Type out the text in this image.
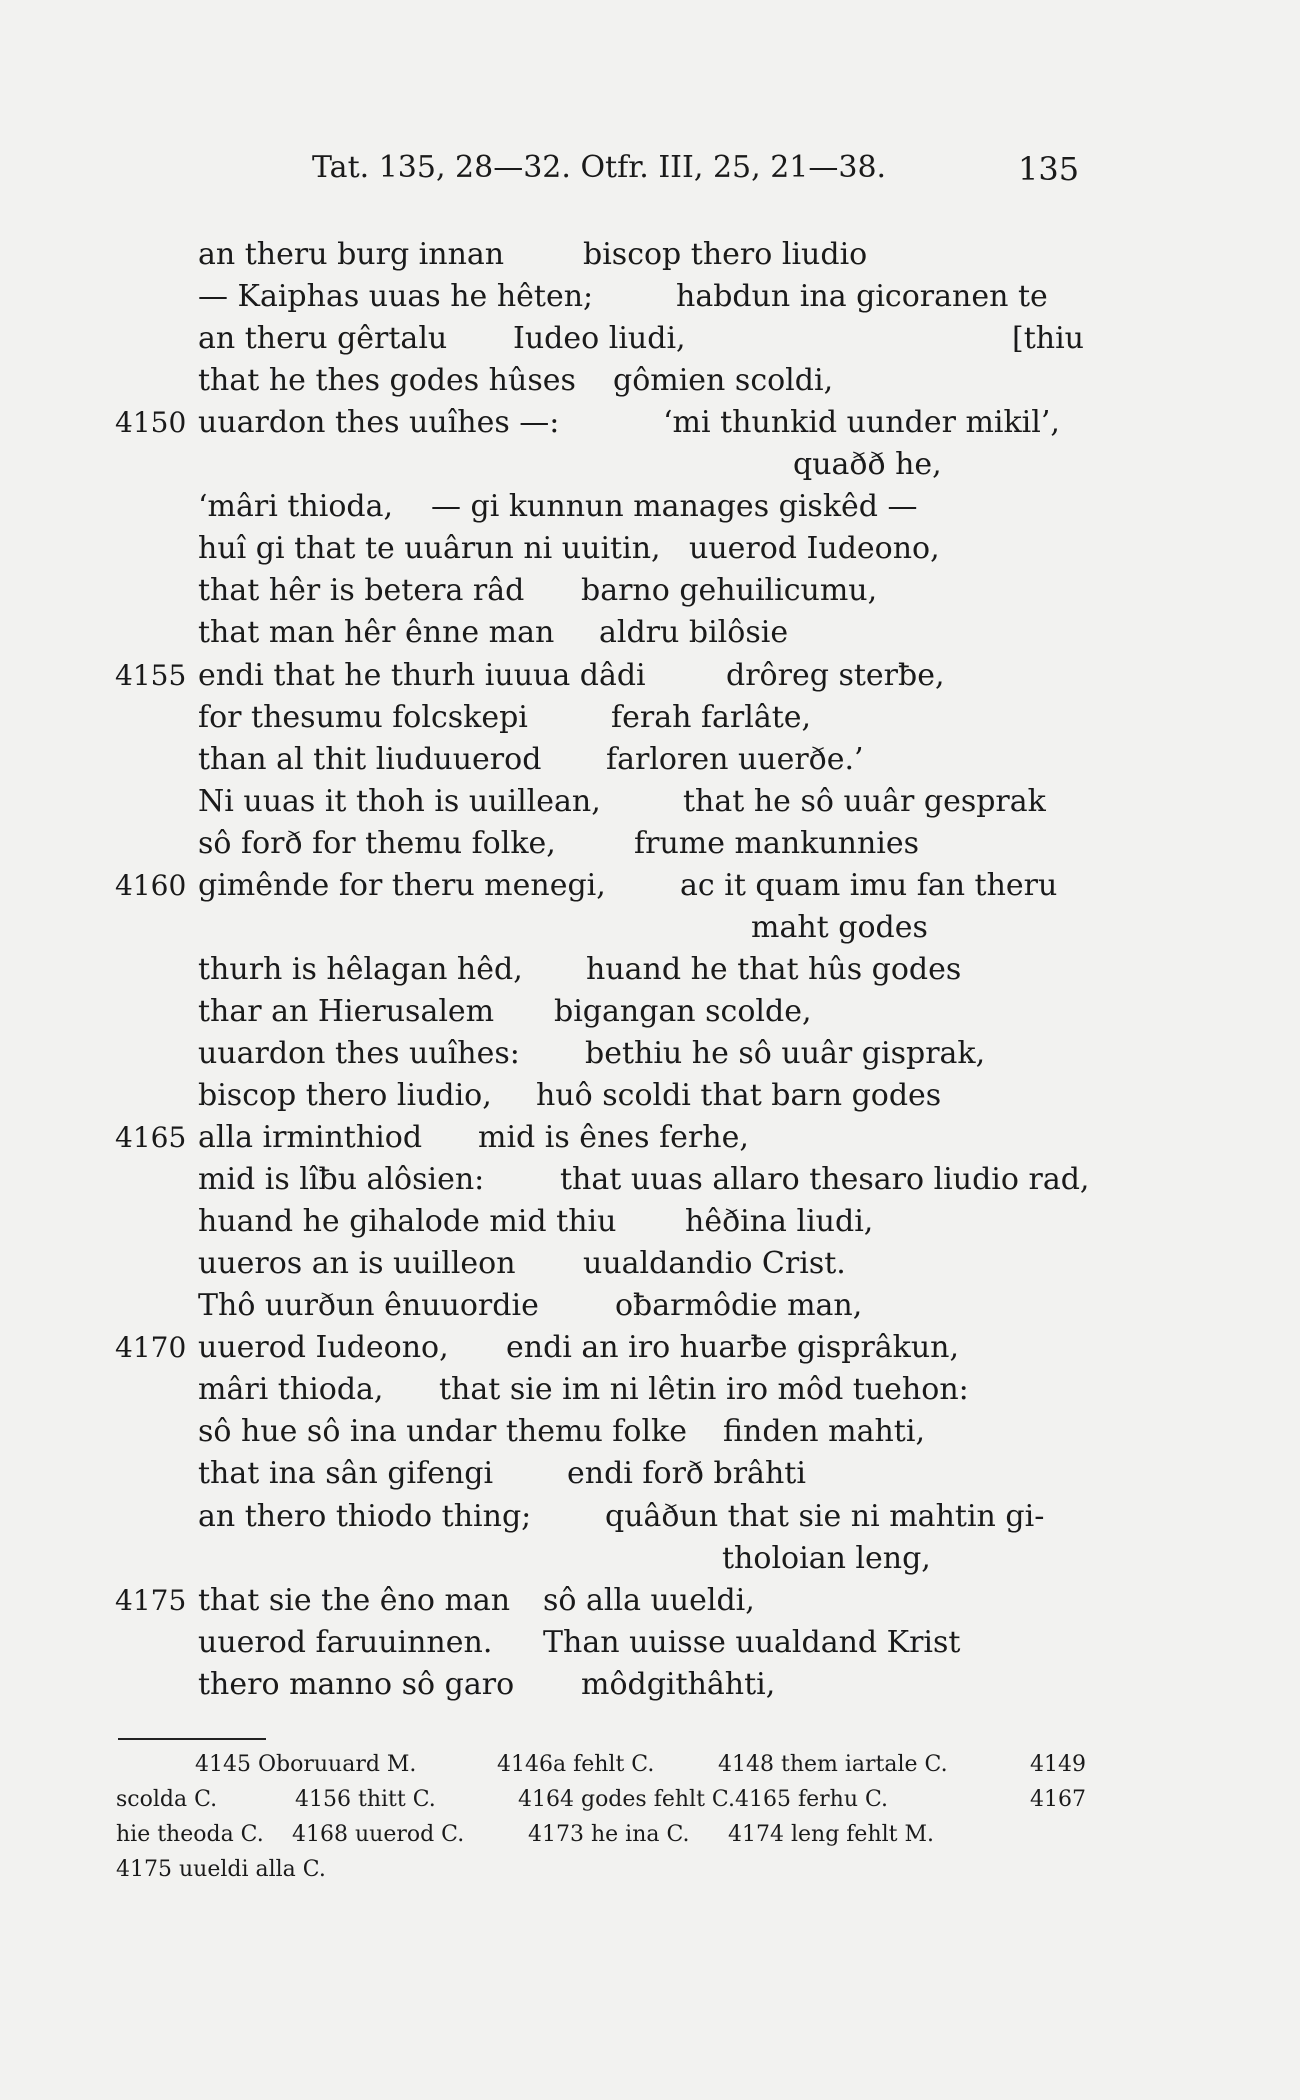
Tat. 135, 28—32. Otfr. III, 25, 21—38.	135
an theru burg innan	biscop thero liudio
— Kaiphas uuas he hêten;	habdun ina gicoranen te
an theru gêrtalu Iudeo liudi,	[thiu
that he thes godes hûses gômien scoldi,
4150 uuardon thes uuîhes —:	‘mi thunkid uunder mikil’,
quaðð he,
‘mâri thioda, — gi kunnun manages giskêd —
huî gi that te uuârun ni uuitin, uuerod Iudeono,
that hêr is betera râd barno gehuilicumu,
that man hêr ênne man aldru bilôsie
4155 endi that he thurh iuuua dâdi	drôreg sterƀe,
for thesumu folcskepi	ferah farlâte,
than al thit liuduuerod farloren uuerðe.’
Ni uuas it thoh is uuillean,	that he sô uuâr gesprak
sô forð for themu folke,	frume mankunnies
4160 gimênde for theru menegi, ac it quam imu fan theru
maht godes
thurh is hêlagan hêd, huand he that hûs godes
thar an Hierusalem bigangan scolde,
uuardon thes uuîhes: bethiu he sô uuâr gisprak,
biscop thero liudio, huô scoldi that barn godes
4165 alla irminthiod mid is ênes ferhe,
mid is lîƀu alôsien:	that uuas allaro thesaro liudio rad,
huand he gihalode mid thiu hêðina liudi,
uueros an is uuilleon uualdandio Crist.
Thô uurðun ênuuordie	oƀarmôdie man,
4170 uuerod Iudeono, endi an iro huarƀe gisprâkun,
mâri thioda, that sie im ni lêtin iro môd tuehon:
sô hue sô ina undar themu folke finden mahti,
that ina sân gifengi endi forð brâhti
an thero thiodo thing; quâðun that sie ni mahtin gi-
tholoian leng,
4175 that sie the êno man sô alla uueldi,
uuerod faruuinnen. Than uuisse uualdand Krist
thero manno sô garo môdgithâhti,
4145 Oboruuard M.	4146a fehlt C.	4148 them iartale C.	4149
scolda C.	4156 thitt C.	4164 godes fehlt C. 4165 ferhu C.	4167
hie theoda C. 4168 uuerod C.	4173 he ina C. 4174 leng fehlt M.
4175 uueldi alla C.
